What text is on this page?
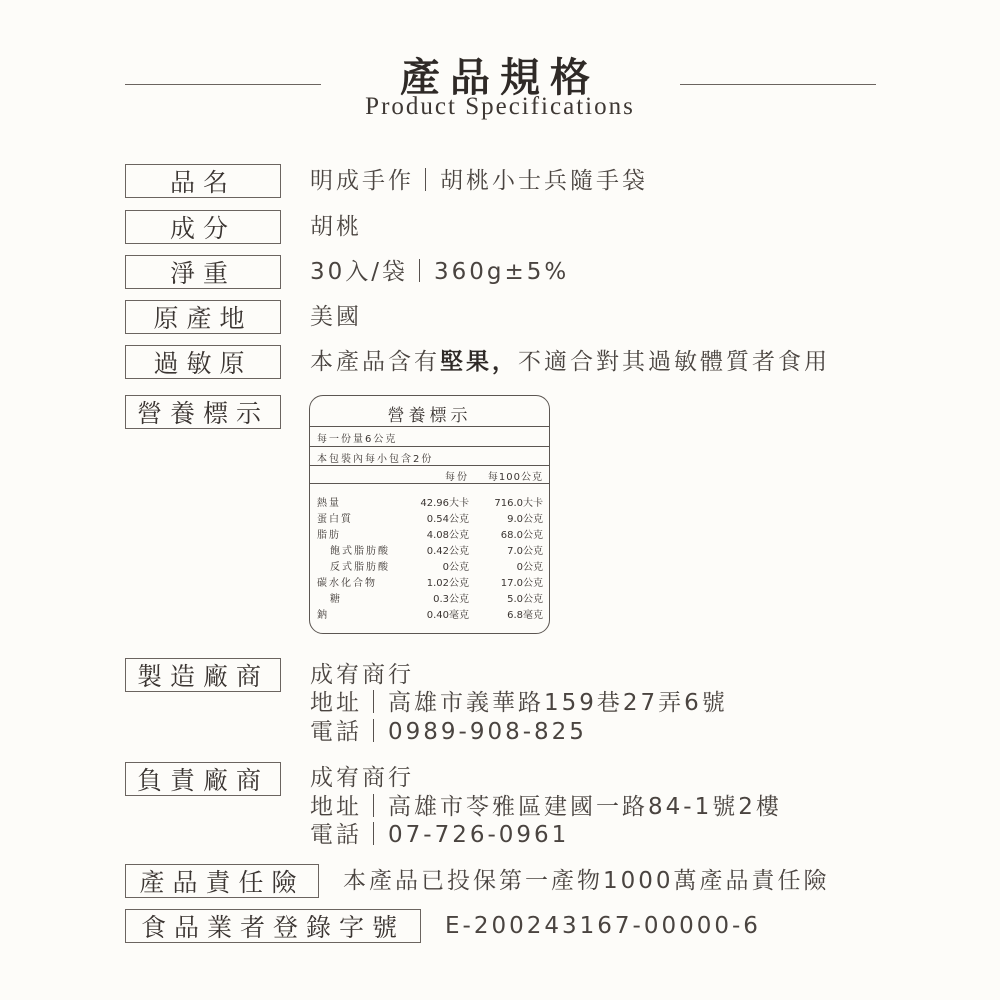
產品規格
Product Specifications
品名	明成手作｜胡桃小士兵隨手袋
成分	胡桃
淨重	30入/袋｜360g±5%
原產地	美國
過敏原	本產品含有堅果，不適合對其過敏體質者食用
營養標示	營養標示
每一份量6公克
本包裝內每小包含2份
每份 每100公克
熱量	42.96大卡	716.0大卡
蛋白質	0.54公克	9.0公克
脂肪	4.08公克	68.0公克
飽式脂肪酸	0.42公克	7.0公克
反式脂肪酸	0公克	0公克
碳水化合物	1.02公克	17.0公克
糖	0.3公克	5.0公克
鈉	0.40毫克	6.8毫克
製造廠商	成宥商行
地址｜高雄市義華路159巷27弄6號
電話｜0989-908-825
負責廠商	成宥商行
地址｜高雄市苓雅區建國一路84-1號2樓
電話｜07-726-0961
產品責任險	本產品已投保第一產物1000萬產品責任險
食品業者登錄字號	E-200243167-00000-6
